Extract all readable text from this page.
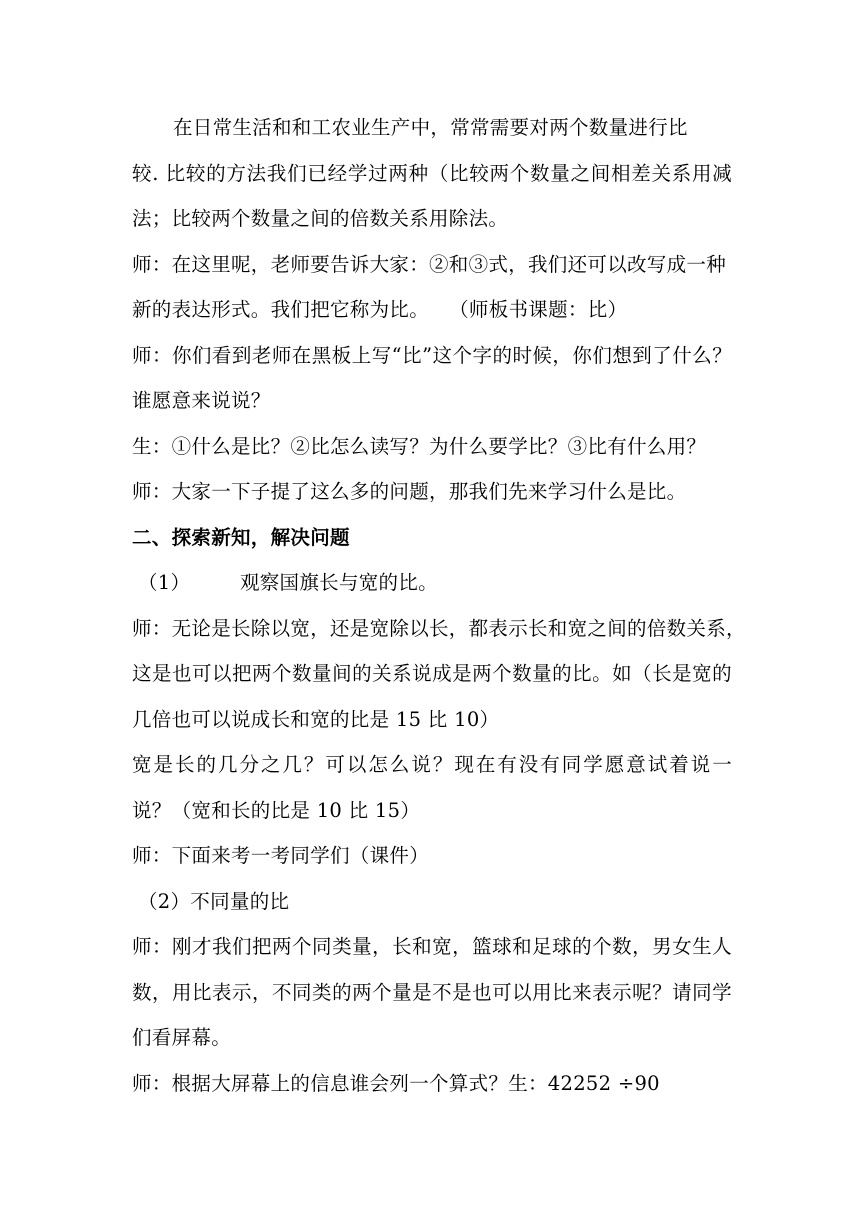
在日常生活和和工农业生产中，常常需要对两个数量进行比
较. 比较的方法我们已经学过两种（比较两个数量之间相差关系用减
法；比较两个数量之间的倍数关系用除法。
师：在这里呢，老师要告诉大家：②和③式，我们还可以改写成一种
新的表达形式。我们把它称为比。　　（师板书课题：比）
师：你们看到老师在黑板上写“比”这个字的时候，你们想到了什么？
谁愿意来说说？
生：①什么是比？②比怎么读写？为什么要学比？③比有什么用？
师：大家一下子提了这么多的问题，那我们先来学习什么是比。
二、探索新知，解决问题
（1）　　　观察国旗长与宽的比。
师：无论是长除以宽，还是宽除以长，都表示长和宽之间的倍数关系，
这是也可以把两个数量间的关系说成是两个数量的比。如（长是宽的
几倍也可以说成长和宽的比是 15 比 10）
宽是长的几分之几？可以怎么说？现在有没有同学愿意试着说一
说？（宽和长的比是 10 比 15）
师：下面来考一考同学们（课件）
（2）不同量的比
师：刚才我们把两个同类量，长和宽，篮球和足球的个数，男女生人
数，用比表示，不同类的两个量是不是也可以用比来表示呢？请同学
们看屏幕。
师：根据大屏幕上的信息谁会列一个算式？生：42252 ÷90
